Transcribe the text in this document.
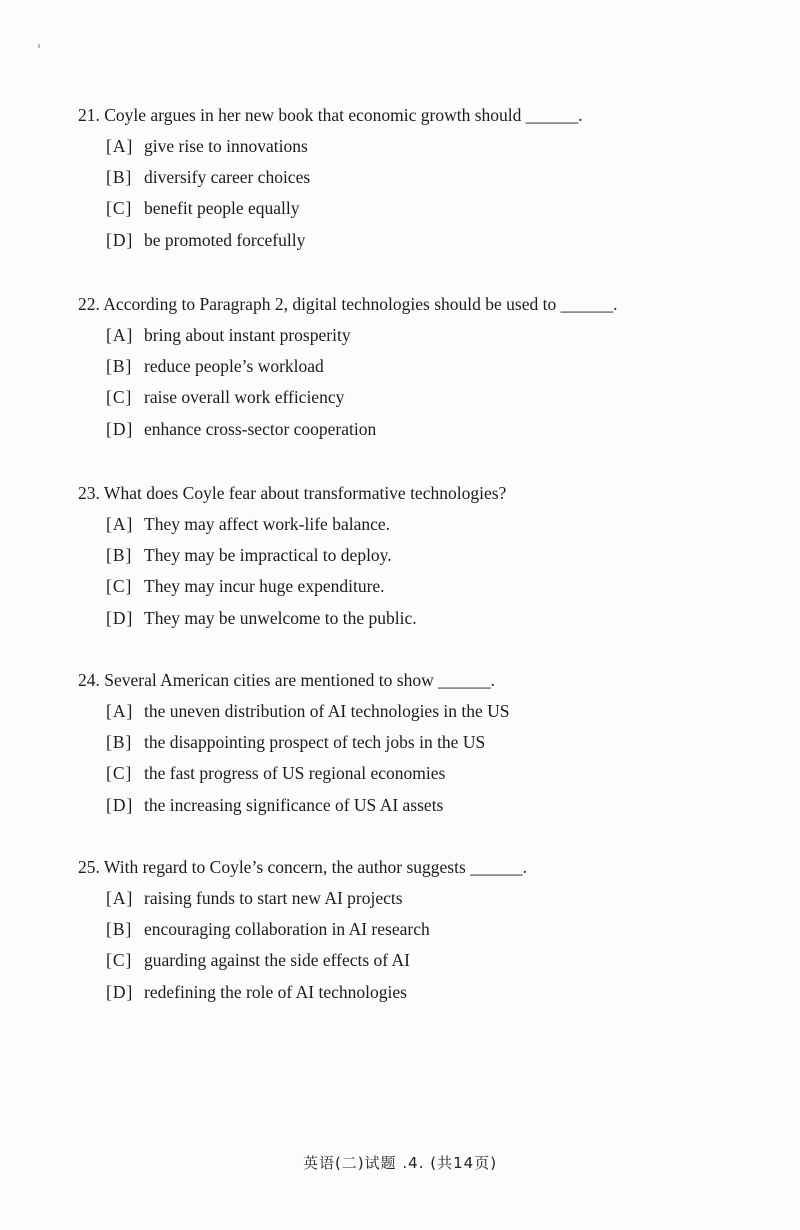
21. Coyle argues in her new book that economic growth should ______.
[A] give rise to innovations
[B] diversify career choices
[C] benefit people equally
[D] be promoted forcefully
22. According to Paragraph 2, digital technologies should be used to ______.
[A] bring about instant prosperity
[B] reduce people’s workload
[C] raise overall work efficiency
[D] enhance cross-sector cooperation
23. What does Coyle fear about transformative technologies?
[A] They may affect work-life balance.
[B] They may be impractical to deploy.
[C] They may incur huge expenditure.
[D] They may be unwelcome to the public.
24. Several American cities are mentioned to show ______.
[A] the uneven distribution of AI technologies in the US
[B] the disappointing prospect of tech jobs in the US
[C] the fast progress of US regional economies
[D] the increasing significance of US AI assets
25. With regard to Coyle’s concern, the author suggests ______.
[A] raising funds to start new AI projects
[B] encouraging collaboration in AI research
[C] guarding against the side effects of AI
[D] redefining the role of AI technologies
英语(二)试题 .4. (共14页)
